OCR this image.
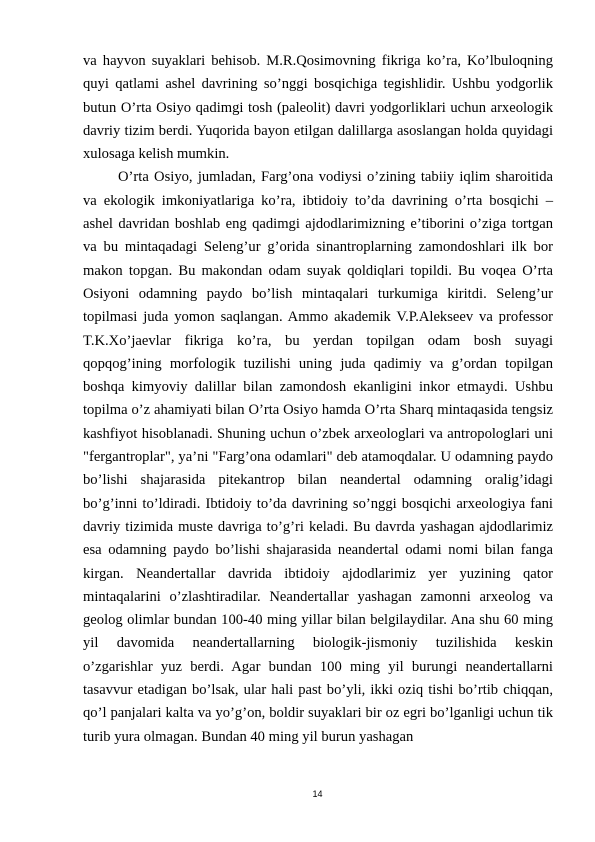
va hayvon suyaklari behisob. M.R.Qosimovning fikriga ko’ra, Ko’lbuloqning quyi qatlami ashel davrining so’nggi bosqichiga tegishlidir. Ushbu yodgorlik butun O’rta Osiyo qadimgi tosh (paleolit) davri yodgorliklari uchun arxeologik davriy tizim berdi. Yuqorida bayon etilgan dalillarga asoslangan holda quyidagi xulosaga kelish mumkin.

O’rta Osiyo, jumladan, Farg’ona vodiysi o’zining tabiiy iqlim sharoitida va ekologik imkoniyatlariga ko’ra, ibtidoiy to’da davrining o’rta bosqichi – ashel davridan boshlab eng qadimgi ajdodlarimizning e’tiborini o’ziga tortgan va bu mintaqadagi Seleng’ur g’orida sinantroplarning zamondoshlari ilk bor makon topgan. Bu makondan odam suyak qoldiqlari topildi. Bu voqea O’rta Osiyoni odamning paydo bo’lish mintaqalari turkumiga kiritdi. Seleng’ur topilmasi juda yomon saqlangan. Ammo akademik V.P.Alekseev va professor T.K.Xo’jaevlar fikriga ko’ra, bu yerdan topilgan odam bosh suyagi qopqog’ining morfologik tuzilishi uning juda qadimiy va g’ordan topilgan boshqa kimyoviy dalillar bilan zamondosh ekanligini inkor etmaydi. Ushbu topilma o’z ahamiyati bilan O’rta Osiyo hamda O’rta Sharq mintaqasida tengsiz kashfiyot hisoblanadi. Shuning uchun o’zbek arxeologlari va antropologlari uni "fergantroplar", ya’ni "Farg’ona odamlari" deb atamoqdalar. U odamning paydo bo’lishi shajarasida pitekantrop bilan neandertal odamning oralig’idagi bo’g’inni to’ldiradi. Ibtidoiy to’da davrining so’nggi bosqichi arxeologiya fani davriy tizimida muste davriga to’g’ri keladi. Bu davrda yashagan ajdodlarimiz esa odamning paydo bo’lishi shajarasida neandertal odami nomi bilan fanga kirgan. Neandertallar davrida ibtidoiy ajdodlarimiz yer yuzining qator mintaqalarini o’zlashtiradilar. Neandertallar yashagan zamonni arxeolog va geolog olimlar bundan 100-40 ming yillar bilan belgilaydilar. Ana shu 60 ming yil davomida neandertallarning biologik-jismoniy tuzilishida keskin o’zgarishlar yuz berdi. Agar bundan 100 ming yil burungi neandertallarni tasavvur etadigan bo’lsak, ular hali past bo’yli, ikki oziq tishi bo’rtib chiqqan, qo’l panjalari kalta va yo’g’on, boldir suyaklari bir oz egri bo’lganligi uchun tik turib yura olmagan. Bundan 40 ming yil burun yashagan

14
